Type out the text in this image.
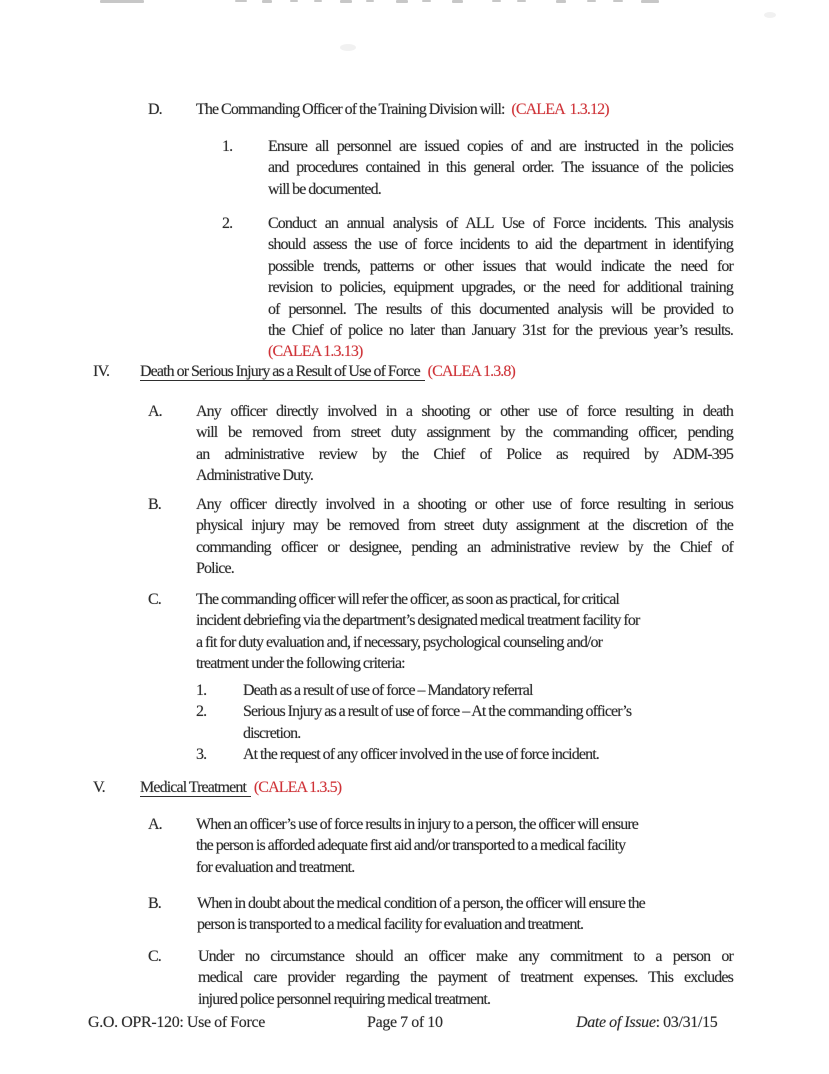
D. The Commanding Officer of the Training Division will: (CALEA  1.3.12)
1. Ensure all personnel are issued copies of and are instructed in the policies
and procedures contained in this general order. The issuance of the policies
will be documented.
2. Conduct an annual analysis of ALL Use of Force incidents. This analysis
should assess the use of force incidents to aid the department in identifying
possible trends, patterns or other issues that would indicate the need for
revision to policies, equipment upgrades, or the need for additional training
of personnel. The results of this documented analysis will be provided to
the Chief of police no later than January 31st for the previous year’s results.
(CALEA 1.3.13)
IV. Death or Serious Injury as a Result of Use of Force (CALEA 1.3.8)
A. Any officer directly involved in a shooting or other use of force resulting in death
will be removed from street duty assignment by the commanding officer, pending
an administrative review by the Chief of Police as required by ADM-395
Administrative Duty.
B. Any officer directly involved in a shooting or other use of force resulting in serious
physical injury may be removed from street duty assignment at the discretion of the
commanding officer or designee, pending an administrative review by the Chief of
Police.
C. The commanding officer will refer the officer, as soon as practical, for critical
incident debriefing via the department’s designated medical treatment facility for
a fit for duty evaluation and, if necessary, psychological counseling and/or
treatment under the following criteria:
1. Death as a result of use of force – Mandatory referral
2. Serious Injury as a result of use of force – At the commanding officer’s
discretion.
3. At the request of any officer involved in the use of force incident.
V. Medical Treatment (CALEA 1.3.5)
A. When an officer’s use of force results in injury to a person, the officer will ensure
the person is afforded adequate first aid and/or transported to a medical facility
for evaluation and treatment.
B. When in doubt about the medical condition of a person, the officer will ensure the
person is transported to a medical facility for evaluation and treatment.
C. Under no circumstance should an officer make any commitment to a person or
medical care provider regarding the payment of treatment expenses. This excludes
injured police personnel requiring medical treatment.
G.O. OPR-120: Use of Force	Page 7 of 10	Date of Issue: 03/31/15
